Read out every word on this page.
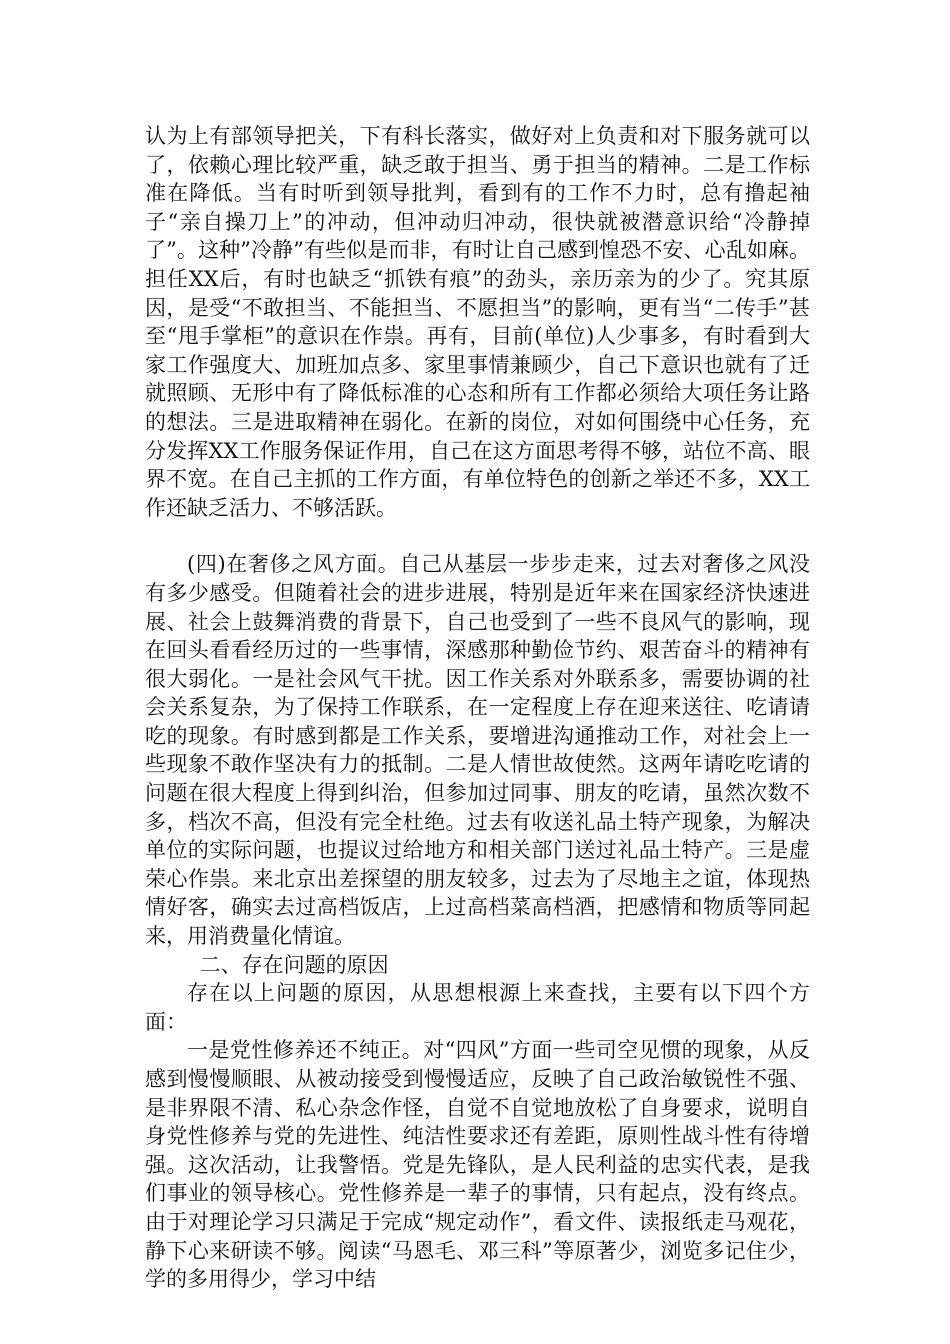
认为上有部领导把关，下有科长落实，做好对上负责和对下服务就可以了，依赖心理比较严重，缺乏敢于担当、勇于担当的精神。二是工作标准在降低。当有时听到领导批判，看到有的工作不力时，总有撸起袖子“亲自操刀上”的冲动，但冲动归冲动，很快就被潜意识给“冷静掉了”。这种”冷静”有些似是而非，有时让自己感到惶恐不安、心乱如麻。担任XX后，有时也缺乏“抓铁有痕”的劲头，亲历亲为的少了。究其原因，是受“不敢担当、不能担当、不愿担当”的影响，更有当“二传手”甚至“甩手掌柜”的意识在作祟。再有，目前(单位)人少事多，有时看到大家工作强度大、加班加点多、家里事情兼顾少，自己下意识也就有了迁就照顾、无形中有了降低标准的心态和所有工作都必须给大项任务让路的想法。三是进取精神在弱化。在新的岗位，对如何围绕中心任务，充分发挥XX工作服务保证作用，自己在这方面思考得不够，站位不高、眼界不宽。在自己主抓的工作方面，有单位特色的创新之举还不多，XX工作还缺乏活力、不够活跃。

(四)在奢侈之风方面。自己从基层一步步走来，过去对奢侈之风没有多少感受。但随着社会的进步进展，特别是近年来在国家经济快速进展、社会上鼓舞消费的背景下，自己也受到了一些不良风气的影响，现在回头看看经历过的一些事情，深感那种勤俭节约、艰苦奋斗的精神有很大弱化。一是社会风气干扰。因工作关系对外联系多，需要协调的社会关系复杂，为了保持工作联系，在一定程度上存在迎来送往、吃请请吃的现象。有时感到都是工作关系，要增进沟通推动工作，对社会上一些现象不敢作坚决有力的抵制。二是人情世故使然。这两年请吃吃请的问题在很大程度上得到纠治，但参加过同事、朋友的吃请，虽然次数不多，档次不高，但没有完全杜绝。过去有收送礼品土特产现象，为解决单位的实际问题，也提议过给地方和相关部门送过礼品土特产。三是虚荣心作祟。来北京出差探望的朋友较多，过去为了尽地主之谊，体现热情好客，确实去过高档饭店，上过高档菜高档酒，把感情和物质等同起来，用消费量化情谊。

二、存在问题的原因

存在以上问题的原因，从思想根源上来查找，主要有以下四个方面：

一是党性修养还不纯正。对“四风”方面一些司空见惯的现象，从反感到慢慢顺眼、从被动接受到慢慢适应，反映了自己政治敏锐性不强、是非界限不清、私心杂念作怪，自觉不自觉地放松了自身要求，说明自身党性修养与党的先进性、纯洁性要求还有差距，原则性战斗性有待增强。这次活动，让我警悟。党是先锋队，是人民利益的忠实代表，是我们事业的领导核心。党性修养是一辈子的事情，只有起点，没有终点。由于对理论学习只满足于完成“规定动作”，看文件、读报纸走马观花，静下心来研读不够。阅读“马恩毛、邓三科”等原著少，浏览多记住少，学的多用得少，学习中结
